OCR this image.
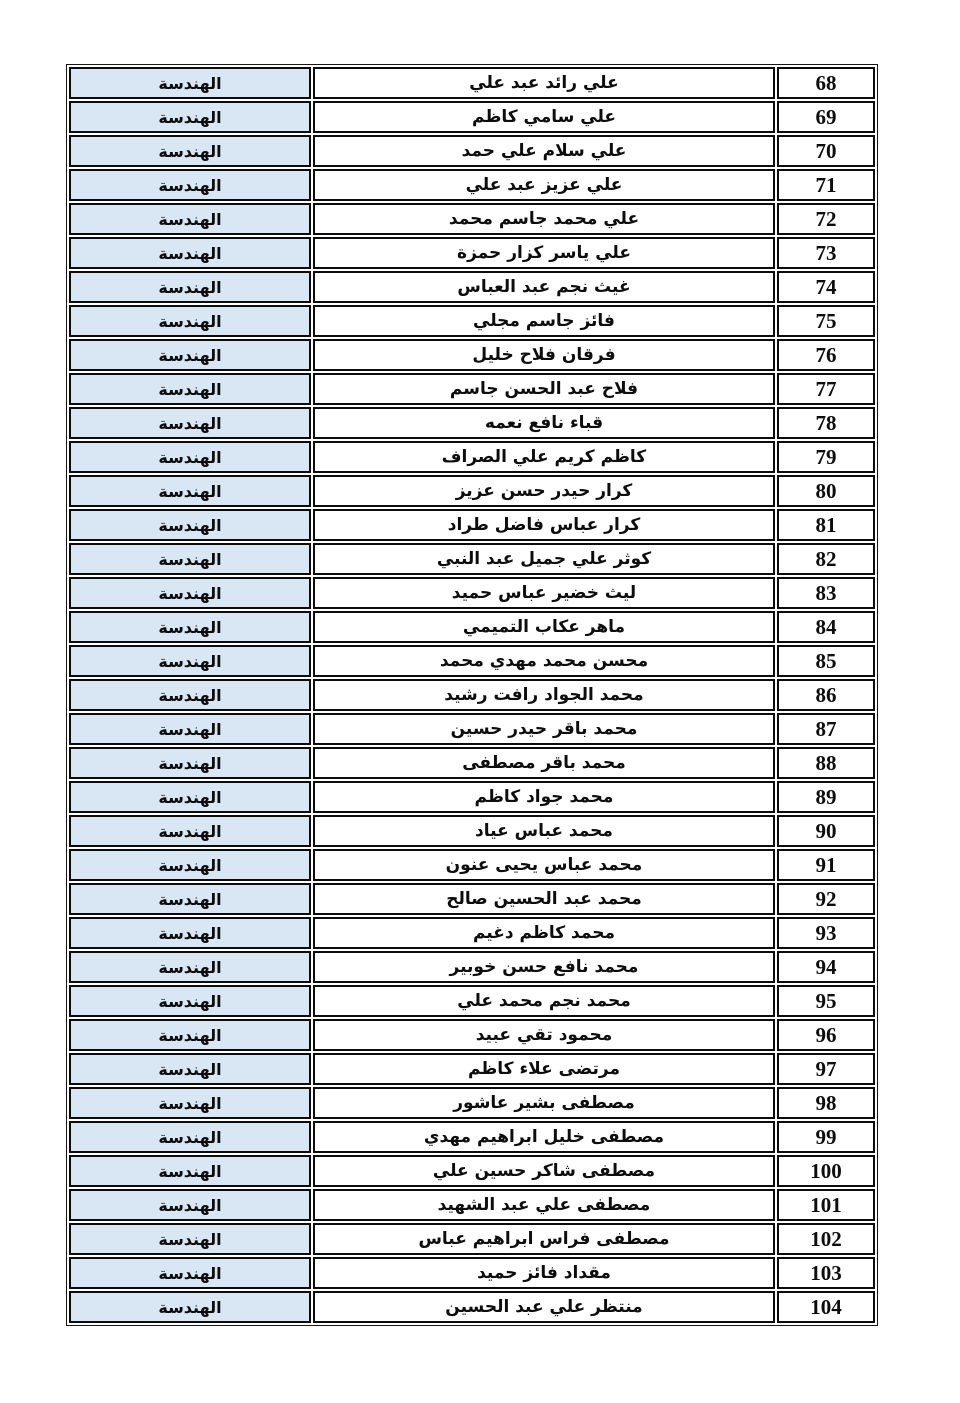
الهندسة	علي رائد عبد علي	68
الهندسة	علي سامي كاظم	69
الهندسة	علي سلام علي حمد	70
الهندسة	علي عزيز عبد علي	71
الهندسة	علي محمد جاسم محمد	72
الهندسة	علي ياسر كزار حمزة	73
الهندسة	غيث نجم عبد العباس	74
الهندسة	فائز جاسم مجلي	75
الهندسة	فرقان فلاح خليل	76
الهندسة	فلاح عبد الحسن جاسم	77
الهندسة	قباء نافع نعمه	78
الهندسة	كاظم كريم علي الصراف	79
الهندسة	كرار حيدر حسن عزيز	80
الهندسة	كرار عباس فاضل طراد	81
الهندسة	كوثر علي جميل عبد النبي	82
الهندسة	ليث خضير عباس حميد	83
الهندسة	ماهر عكاب التميمي	84
الهندسة	محسن محمد مهدي محمد	85
الهندسة	محمد الجواد رافت رشيد	86
الهندسة	محمد باقر حيدر حسين	87
الهندسة	محمد باقر مصطفى	88
الهندسة	محمد جواد كاظم	89
الهندسة	محمد عباس عياد	90
الهندسة	محمد عباس يحيى عنون	91
الهندسة	محمد عبد الحسين صالح	92
الهندسة	محمد كاظم دغيم	93
الهندسة	محمد نافع حسن خوبير	94
الهندسة	محمد نجم محمد علي	95
الهندسة	محمود تقي عبيد	96
الهندسة	مرتضى علاء كاظم	97
الهندسة	مصطفى بشير عاشور	98
الهندسة	مصطفى خليل ابراهيم مهدي	99
الهندسة	مصطفى شاكر حسين علي	100
الهندسة	مصطفى علي عبد الشهيد	101
الهندسة	مصطفى فراس ابراهيم عباس	102
الهندسة	مقداد فائز حميد	103
الهندسة	منتظر علي عبد الحسين	104
